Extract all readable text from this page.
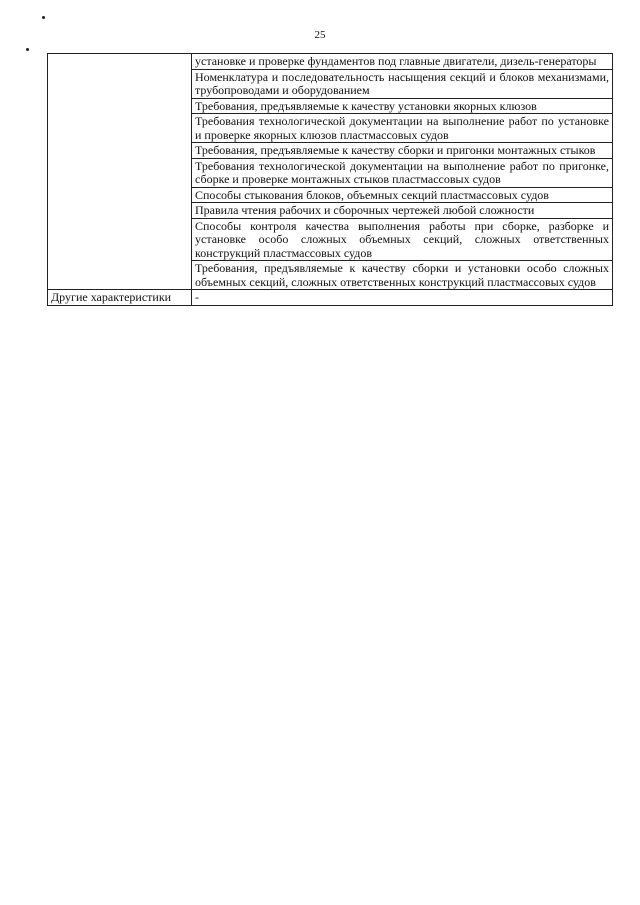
25
	установке и проверке фундаментов под главные двигатели, дизель-генераторы
	Номенклатура и последовательность насыщения секций и блоков механизмами, трубопроводами и оборудованием
	Требования, предъявляемые к качеству установки якорных клюзов
	Требования технологической документации на выполнение работ по установке и проверке якорных клюзов пластмассовых судов
	Требования, предъявляемые к качеству сборки и пригонки монтажных стыков
	Требования технологической документации на выполнение работ по пригонке, сборке и проверке монтажных стыков пластмассовых судов
	Способы стыкования блоков, объемных секций пластмассовых судов
	Правила чтения рабочих и сборочных чертежей любой сложности
	Способы контроля качества выполнения работы при сборке, разборке и установке особо сложных объемных секций, сложных ответственных конструкций пластмассовых судов
	Требования, предъявляемые к качеству сборки и установки особо сложных объемных секций, сложных ответственных конструкций пластмассовых судов
Другие характеристики	-
